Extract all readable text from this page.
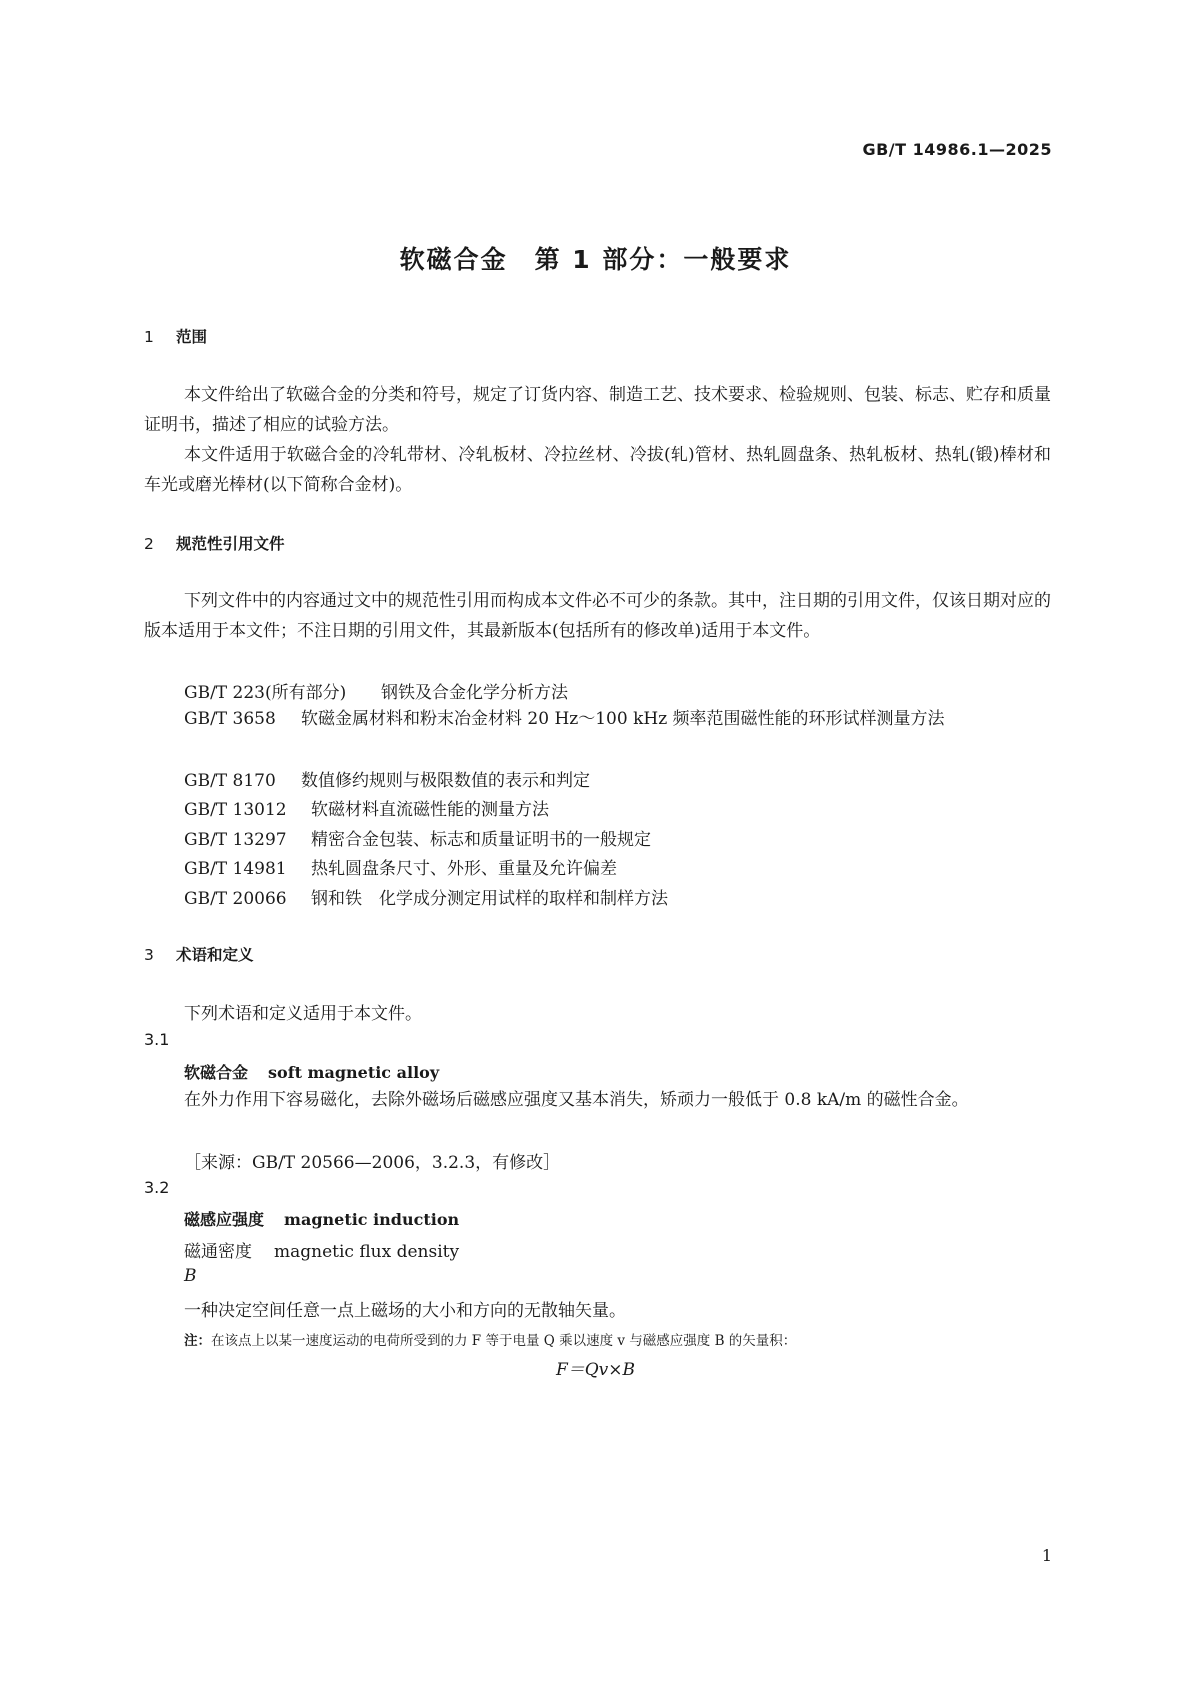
GB/T 14986.1—2025
软磁合金　第 1 部分：一般要求
1 范围

本文件给出了软磁合金的分类和符号，规定了订货内容、制造工艺、技术要求、检验规则、包装、标志、贮存和质量证明书，描述了相应的试验方法。

本文件适用于软磁合金的冷轧带材、冷轧板材、冷拉丝材、冷拔(轧)管材、热轧圆盘条、热轧板材、热轧(锻)棒材和车光或磨光棒材(以下简称合金材)。

2 规范性引用文件

下列文件中的内容通过文中的规范性引用而构成本文件必不可少的条款。其中，注日期的引用文件，仅该日期对应的版本适用于本文件；不注日期的引用文件，其最新版本(包括所有的修改单)适用于本文件。

GB/T 223(所有部分) 钢铁及合金化学分析方法
GB/T 3658 软磁金属材料和粉末冶金材料 20 Hz～100 kHz 频率范围磁性能的环形试样测量方法
GB/T 8170 数值修约规则与极限数值的表示和判定
GB/T 13012 软磁材料直流磁性能的测量方法
GB/T 13297 精密合金包装、标志和质量证明书的一般规定
GB/T 14981 热轧圆盘条尺寸、外形、重量及允许偏差
GB/T 20066 钢和铁　化学成分测定用试样的取样和制样方法
3 术语和定义
下列术语和定义适用于本文件。
3.1
软磁合金 soft magnetic alloy

在外力作用下容易磁化，去除外磁场后磁感应强度又基本消失，矫顽力一般低于 0.8 kA/m 的磁性合金。

［来源：GB/T 20566—2006，3.2.3，有修改］
3.2
磁感应强度 magnetic induction
磁通密度 magnetic flux density
B
一种决定空间任意一点上磁场的大小和方向的无散轴矢量。
注：在该点上以某一速度运动的电荷所受到的力 F 等于电量 Q 乘以速度 v 与磁感应强度 B 的矢量积：
F＝Qv×B
1
